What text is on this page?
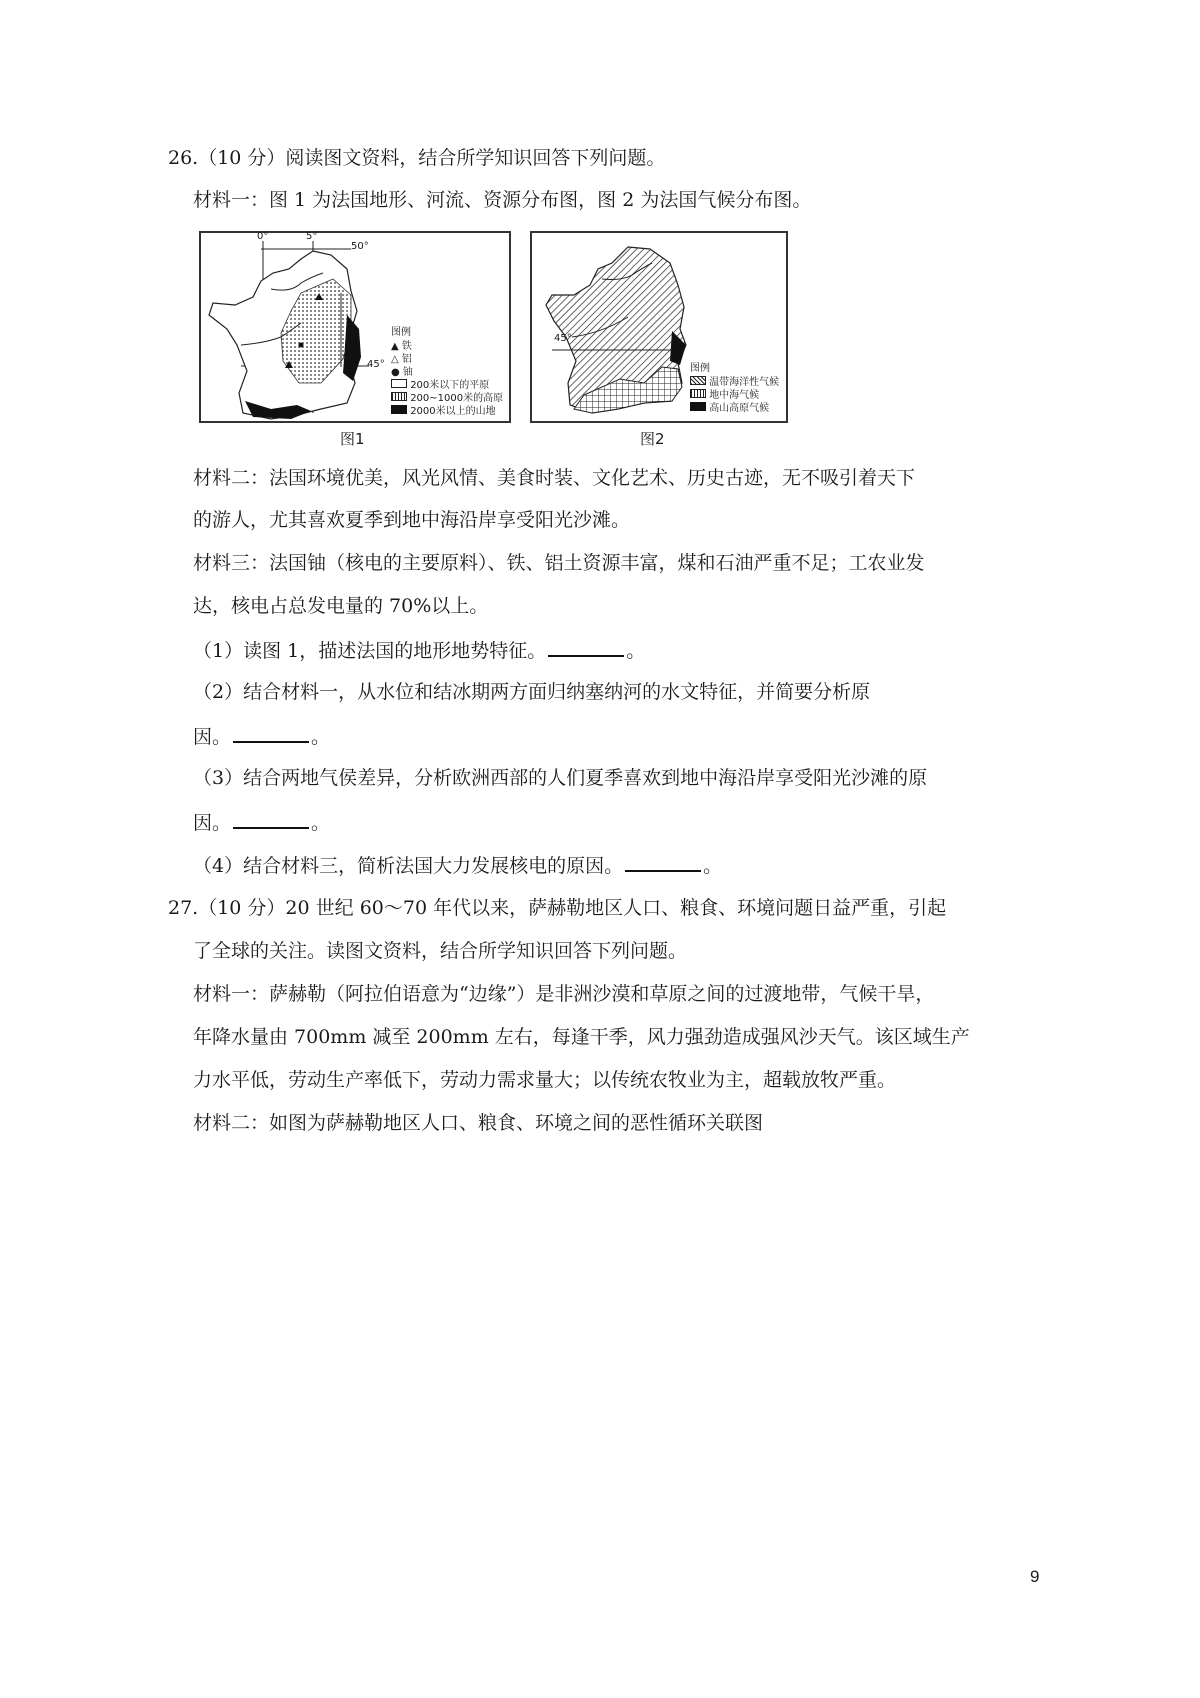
26.（10 分）阅读图文资料，结合所学知识回答下列问题。
材料一：图 1 为法国地形、河流、资源分布图，图 2 为法国气候分布图。
0°	5°
50°
45°
图例
▲ 铁
△ 铝
● 铀
200米以下的平原
200~1000米的高原
2000米以上的山地
图1
45°
图例
温带海洋性气候
地中海气候
高山高原气候
图2
材料二：法国环境优美，风光风情、美食时装、文化艺术、历史古迹，无不吸引着天下
的游人，尤其喜欢夏季到地中海沿岸享受阳光沙滩。
材料三：法国铀（核电的主要原料）、铁、铝土资源丰富，煤和石油严重不足；工农业发
达，核电占总发电量的 70%以上。
（1）读图 1，描述法国的地形地势特征。	。
（2）结合材料一，从水位和结冰期两方面归纳塞纳河的水文特征，并简要分析原
因。	。
（3）结合两地气侯差异，分析欧洲西部的人们夏季喜欢到地中海沿岸享受阳光沙滩的原
因。	。
（4）结合材料三，简析法国大力发展核电的原因。	。
27.（10 分）20 世纪 60～70 年代以来，萨赫勒地区人口、粮食、环境问题日益严重，引起
了全球的关注。读图文资料，结合所学知识回答下列问题。
材料一：萨赫勒（阿拉伯语意为“边缘”）是非洲沙漠和草原之间的过渡地带，气候干旱，
年降水量由 700mm 减至 200mm 左右，每逢干季，风力强劲造成强风沙天气。该区域生产
力水平低，劳动生产率低下，劳动力需求量大；以传统农牧业为主，超载放牧严重。
材料二：如图为萨赫勒地区人口、粮食、环境之间的恶性循环关联图
9
